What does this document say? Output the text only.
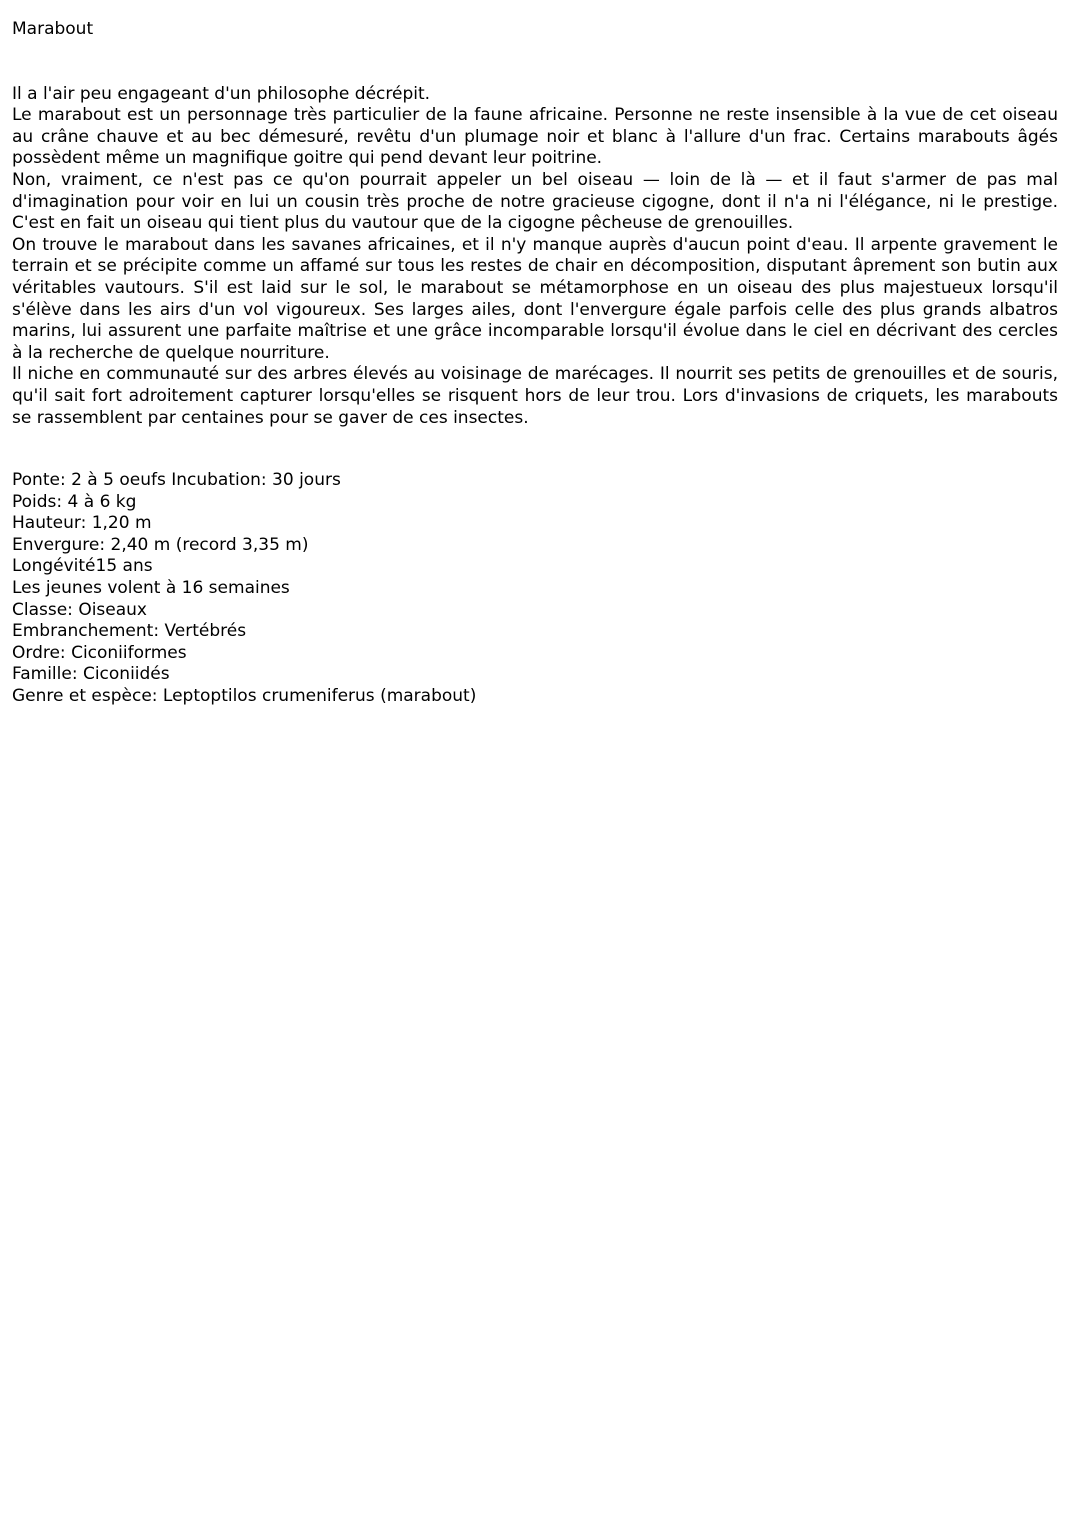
Marabout

Il a l'air peu engageant d'un philosophe décrépit.

Le marabout est un personnage très particulier de la faune africaine. Personne ne reste insensible à la vue de cet oiseau au crâne chauve et au bec démesuré, revêtu d'un plumage noir et blanc à l'allure d'un frac. Certains marabouts âgés possèdent même un magnifique goitre qui pend devant leur poitrine.

Non, vraiment, ce n'est pas ce qu'on pourrait appeler un bel oiseau — loin de là — et il faut s'armer de pas mal d'imagination pour voir en lui un cousin très proche de notre gracieuse cigogne, dont il n'a ni l'élégance, ni le prestige. C'est en fait un oiseau qui tient plus du vautour que de la cigogne pêcheuse de grenouilles.

On trouve le marabout dans les savanes africaines, et il n'y manque auprès d'aucun point d'eau. Il arpente gravement le terrain et se précipite comme un affamé sur tous les restes de chair en décomposition, disputant âprement son butin aux véritables vautours. S'il est laid sur le sol, le marabout se métamorphose en un oiseau des plus majestueux lorsqu'il s'élève dans les airs d'un vol vigoureux. Ses larges ailes, dont l'envergure égale parfois celle des plus grands albatros marins, lui assurent une parfaite maîtrise et une grâce incomparable lorsqu'il évolue dans le ciel en décrivant des cercles à la recherche de quelque nourriture.

Il niche en communauté sur des arbres élevés au voisinage de marécages. Il nourrit ses petits de grenouilles et de souris, qu'il sait fort adroitement capturer lorsqu'elles se risquent hors de leur trou. Lors d'invasions de criquets, les marabouts se rassemblent par centaines pour se gaver de ces insectes.

Ponte: 2 à 5 oeufs Incubation: 30 jours

Poids: 4 à 6 kg

Hauteur: 1,20 m

Envergure: 2,40 m (record 3,35 m)

Longévité15 ans

Les jeunes volent à 16 semaines

Classe: Oiseaux

Embranchement: Vertébrés

Ordre: Ciconiiformes

Famille: Ciconiidés

Genre et espèce: Leptoptilos crumeniferus (marabout)
